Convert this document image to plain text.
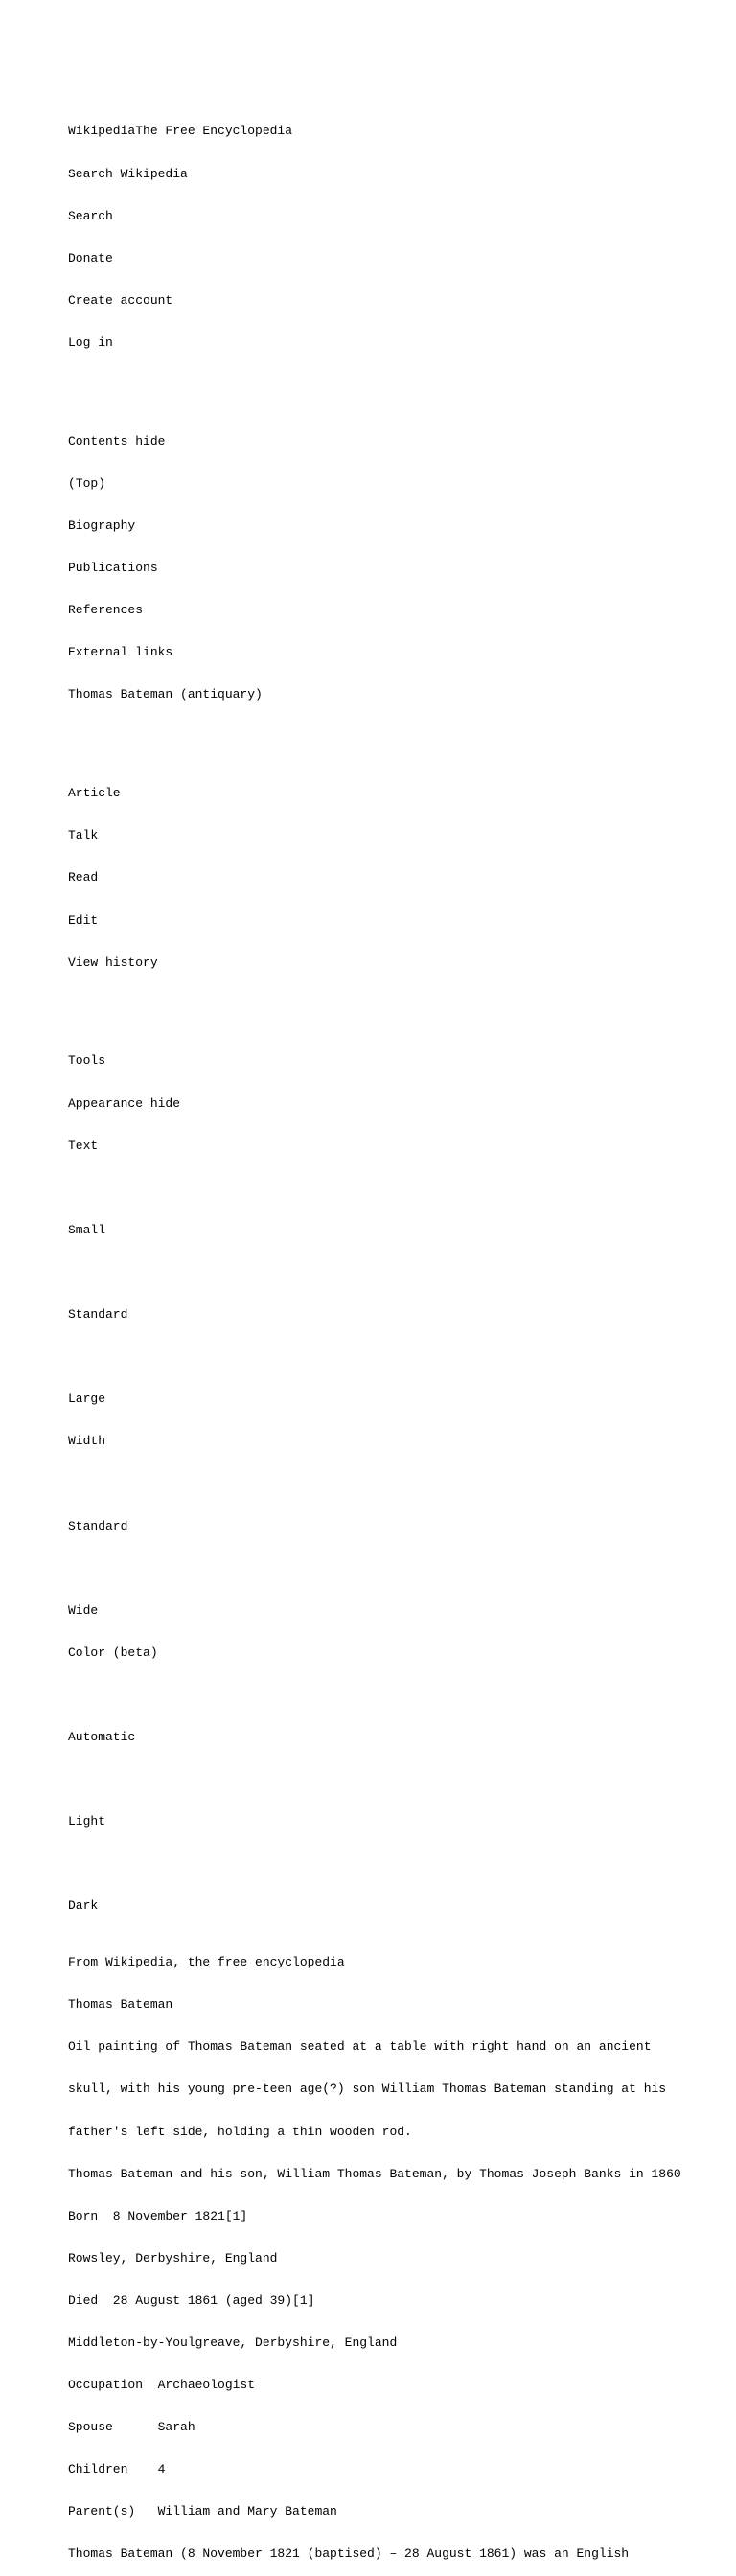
WikipediaThe Free Encyclopedia

Search Wikipedia

Search

Donate

Create account

Log in

Contents hide

(Top)

Biography

Publications

References

External links

Thomas Bateman (antiquary)

Article

Talk

Read

Edit

View history

Tools

Appearance hide

Text

Small

Standard

Large

Width

Standard

Wide

Color (beta)

Automatic

Light

Dark

From Wikipedia, the free encyclopedia

Thomas Bateman

Oil painting of Thomas Bateman seated at a table with right hand on an ancient

skull, with his young pre-teen age(?) son William Thomas Bateman standing at his

father's left side, holding a thin wooden rod.

Thomas Bateman and his son, William Thomas Bateman, by Thomas Joseph Banks in 1860

Born  8 November 1821[1]

Rowsley, Derbyshire, England

Died  28 August 1861 (aged 39)[1]

Middleton-by-Youlgreave, Derbyshire, England

Occupation  Archaeologist

Spouse      Sarah

Children    4

Parent(s)   William and Mary Bateman

Thomas Bateman (8 November 1821 (baptised) – 28 August 1861) was an English
